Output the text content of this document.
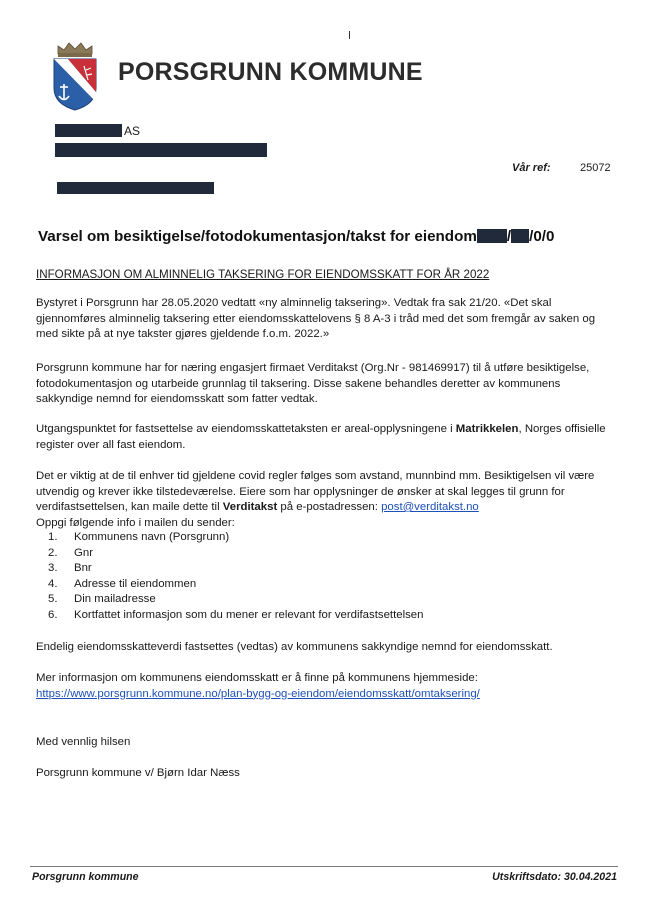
PORSGRUNN KOMMUNE
AS
Vår ref:	25072
Varsel om besiktigelse/fotodokumentasjon/takst for eiendom / /0/0
INFORMASJON OM ALMINNELIG TAKSERING FOR EIENDOMSSKATT FOR ÅR 2022
Bystyret i Porsgrunn har 28.05.2020 vedtatt «ny alminnelig taksering». Vedtak fra sak 21/20. «Det skal gjennomføres alminnelig taksering etter eiendomsskattelovens § 8 A-3 i tråd med det som fremgår av saken og med sikte på at nye takster gjøres gjeldende f.o.m. 2022.»
Porsgrunn kommune har for næring engasjert firmaet Verditakst (Org.Nr - 981469917) til å utføre besiktigelse, fotodokumentasjon og utarbeide grunnlag til taksering. Disse sakene behandles deretter av kommunens sakkyndige nemnd for eiendomsskatt som fatter vedtak.
Utgangspunktet for fastsettelse av eiendomsskattetaksten er areal-opplysningene i Matrikkelen, Norges offisielle register over all fast eiendom.
Det er viktig at de til enhver tid gjeldene covid regler følges som avstand, munnbind mm. Besiktigelsen vil være utvendig og krever ikke tilstedeværelse. Eiere som har opplysninger de ønsker at skal legges til grunn for verdifastsettelsen, kan maile dette til Verditakst på e-postadressen: post@verditakst.no
Oppgi følgende info i mailen du sender:
1.	Kommunens navn (Porsgrunn)
2.	Gnr
3.	Bnr
4.	Adresse til eiendommen
5.	Din mailadresse
6.	Kortfattet informasjon som du mener er relevant for verdifastsettelsen
Endelig eiendomsskatteverdi fastsettes (vedtas) av kommunens sakkyndige nemnd for eiendomsskatt.
Mer informasjon om kommunens eiendomsskatt er å finne på kommunens hjemmeside:
https://www.porsgrunn.kommune.no/plan-bygg-og-eiendom/eiendomsskatt/omtaksering/
Med vennlig hilsen
Porsgrunn kommune v/ Bjørn Idar Næss
Porsgrunn kommune	Utskriftsdato: 30.04.2021
